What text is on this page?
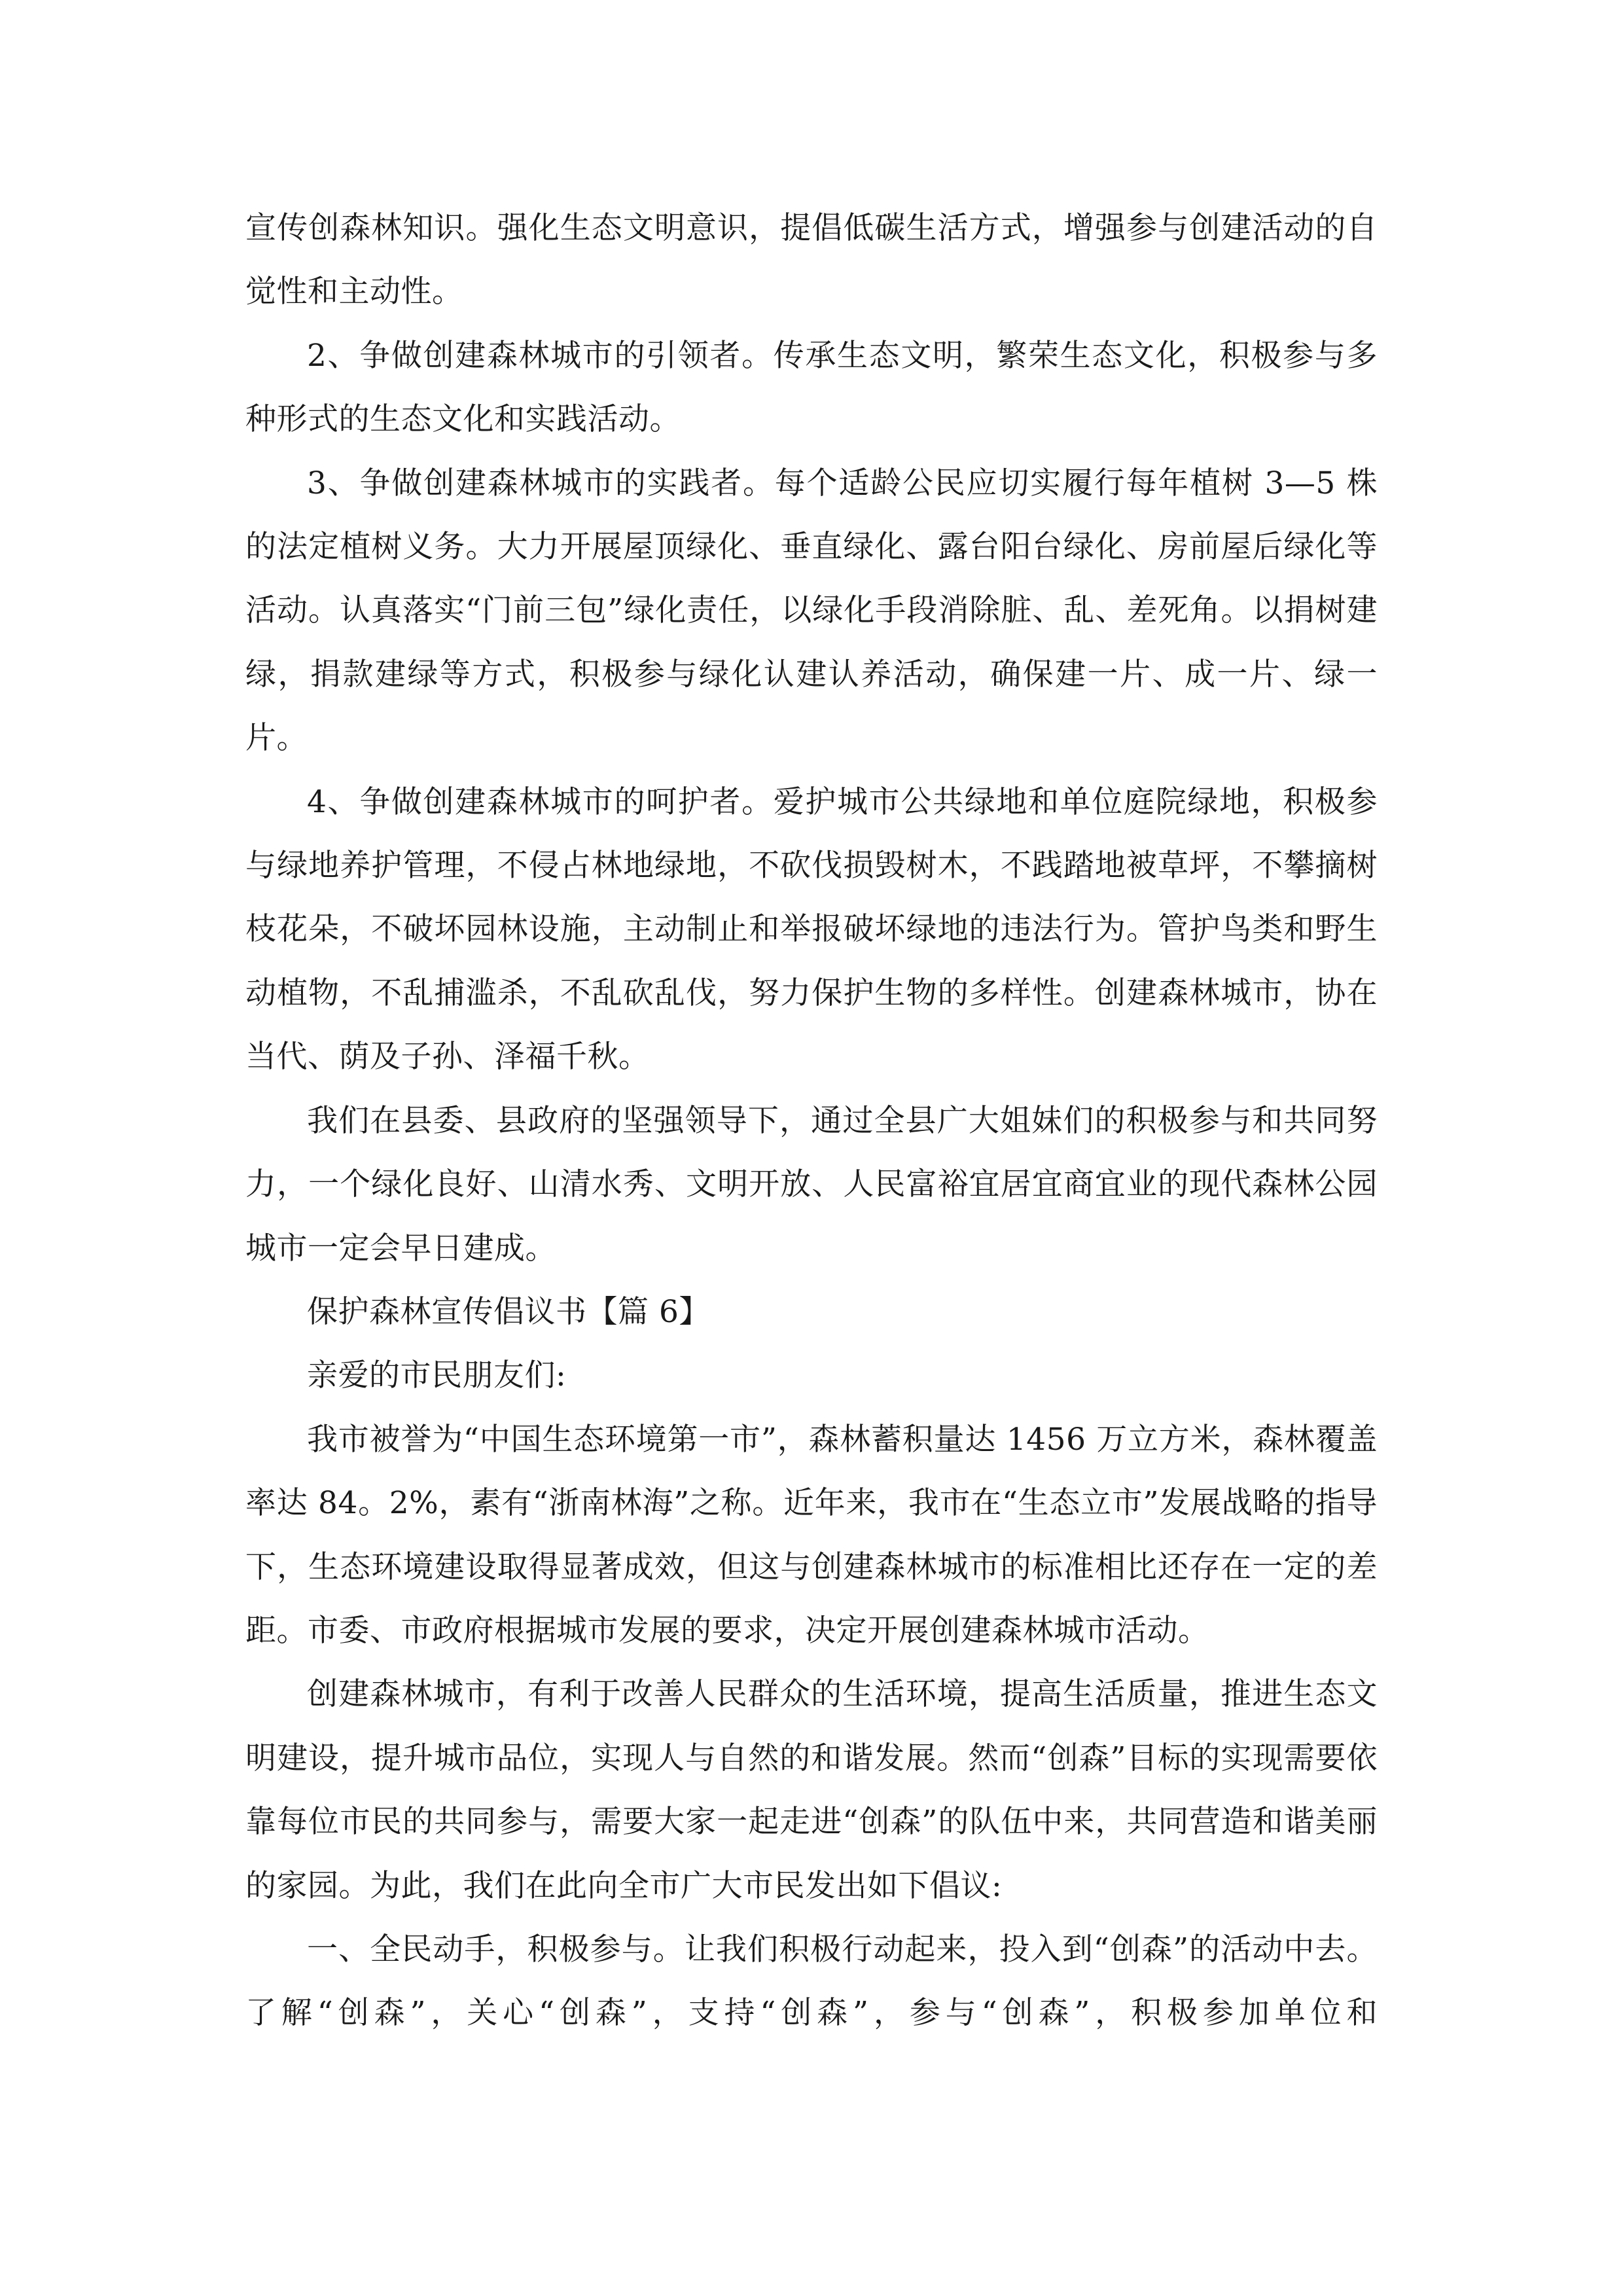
宣传创森林知识。强化生态文明意识，提倡低碳生活方式，增强参与创建活动的自觉性和主动性。

2、争做创建森林城市的引领者。传承生态文明，繁荣生态文化，积极参与多种形式的生态文化和实践活动。

3、争做创建森林城市的实践者。每个适龄公民应切实履行每年植树 3—5 株的法定植树义务。大力开展屋顶绿化、垂直绿化、露台阳台绿化、房前屋后绿化等活动。认真落实“门前三包”绿化责任，以绿化手段消除脏、乱、差死角。以捐树建绿，捐款建绿等方式，积极参与绿化认建认养活动，确保建一片、成一片、绿一片。

4、争做创建森林城市的呵护者。爱护城市公共绿地和单位庭院绿地，积极参与绿地养护管理，不侵占林地绿地，不砍伐损毁树木，不践踏地被草坪，不攀摘树枝花朵，不破坏园林设施，主动制止和举报破坏绿地的违法行为。管护鸟类和野生动植物，不乱捕滥杀，不乱砍乱伐，努力保护生物的多样性。创建森林城市，协在当代、荫及子孙、泽福千秋。

我们在县委、县政府的坚强领导下，通过全县广大姐妹们的积极参与和共同努力，一个绿化良好、山清水秀、文明开放、人民富裕宜居宜商宜业的现代森林公园城市一定会早日建成。

保护森林宣传倡议书【篇 6】

亲爱的市民朋友们:

我市被誉为“中国生态环境第一市”，森林蓄积量达 1456 万立方米，森林覆盖率达 84。2%，素有“浙南林海”之称。近年来，我市在“生态立市”发展战略的指导下，生态环境建设取得显著成效，但这与创建森林城市的标准相比还存在一定的差距。市委、市政府根据城市发展的要求，决定开展创建森林城市活动。

创建森林城市，有利于改善人民群众的生活环境，提高生活质量，推进生态文明建设，提升城市品位，实现人与自然的和谐发展。然而“创森”目标的实现需要依靠每位市民的共同参与，需要大家一起走进“创森”的队伍中来，共同营造和谐美丽的家园。为此，我们在此向全市广大市民发出如下倡议:

一、全民动手，积极参与。让我们积极行动起来，投入到“创森”的活动中去。了解“创森”，关心“创森”，支持“创森”，参与“创森”，积极参加单位和
